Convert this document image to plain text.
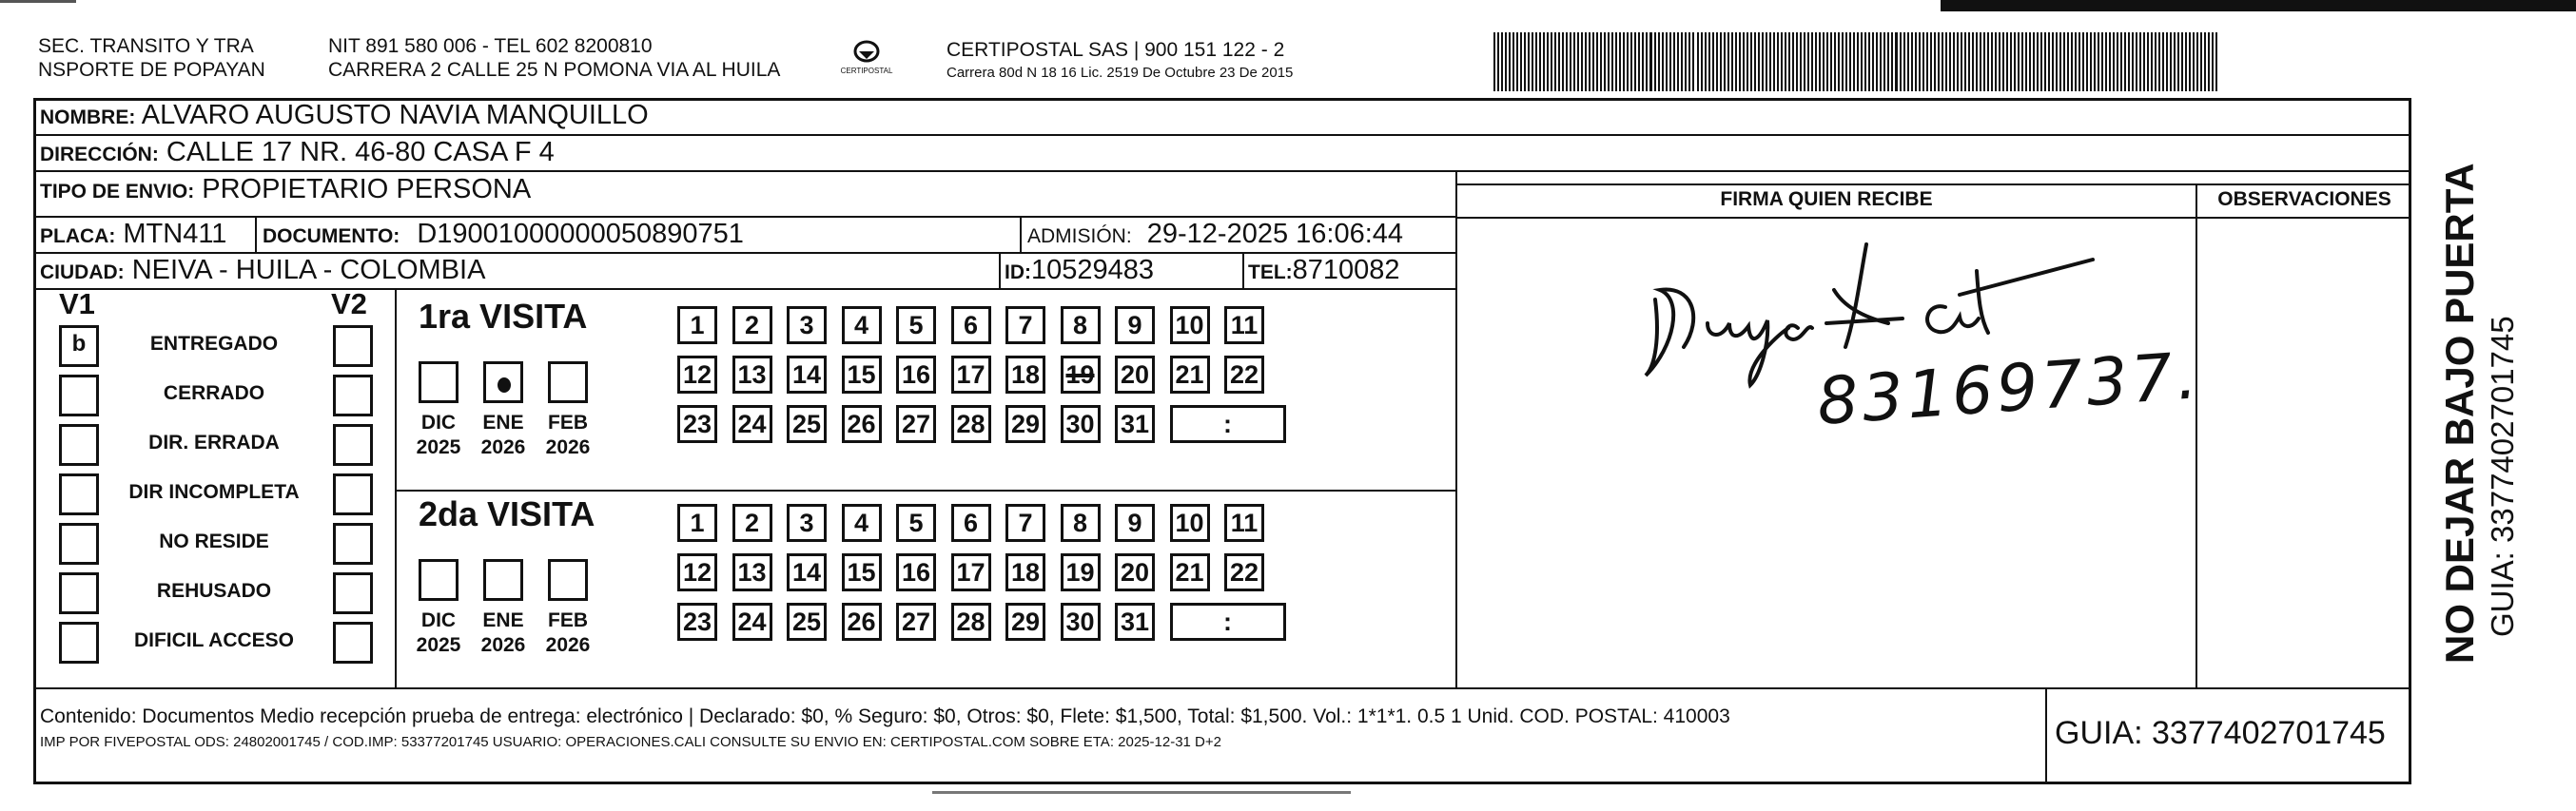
SEC. TRANSITO Y TRA
NSPORTE DE POPAYAN
NIT 891 580 006 - TEL 602 8200810
CARRERA 2 CALLE 25 N POMONA VIA AL HUILA	CERTIPOSTAL
CERTIPOSTAL SAS | 900 151 122 - 2
Carrera 80d N 18 16 Lic. 2519 De Octubre 23 De 2015
NOMBRE: ALVARO AUGUSTO NAVIA MANQUILLO
DIRECCIÓN: CALLE 17 NR. 46-80 CASA F 4
TIPO DE ENVIO: PROPIETARIO PERSONA
PLACA: MTN411 DOCUMENTO: D19001000000050890751	ADMISIÓN: 29-12-2025 16:06:44
CIUDAD: NEIVA - HUILA - COLOMBIA	ID:10529483	TEL:8710082
FIRMA QUIEN RECIBE	OBSERVACIONES
V1	V2
b	ENTREGADO
CERRADO
DIR. ERRADA
DIR INCOMPLETA
NO RESIDE
REHUSADO
DIFICIL ACCESO
1ra VISITA
2da VISITA
DIC
2025
ENE
2026
FEB
2026
DIC
2025
ENE
2026
FEB
2026
1	2	3	4	5	6	7	8	9	10 11
12 13 14 15 16 17 18 19 20 21 22
23 24 25 26 27 28 29 30 31	:
1	2	3	4	5	6	7	8	9	10 11
12 13 14 15 16 17 18 19 20 21 22
23 24 25 26 27 28 29 30 31	:
83169737.	NO DEJAR BAJO PUERTA GUIA: 3377402701745
Contenido: Documentos Medio recepción prueba de entrega: electrónico | Declarado: $0, % Seguro: $0, Otros: $0, Flete: $1,500, Total: $1,500. Vol.: 1*1*1. 0.5 1 Unid. COD. POSTAL: 410003
IMP POR FIVEPOSTAL ODS: 24802001745 / COD.IMP: 53377201745 USUARIO: OPERACIONES.CALI CONSULTE SU ENVIO EN: CERTIPOSTAL.COM SOBRE ETA: 2025-12-31 D+2	GUIA: 3377402701745
